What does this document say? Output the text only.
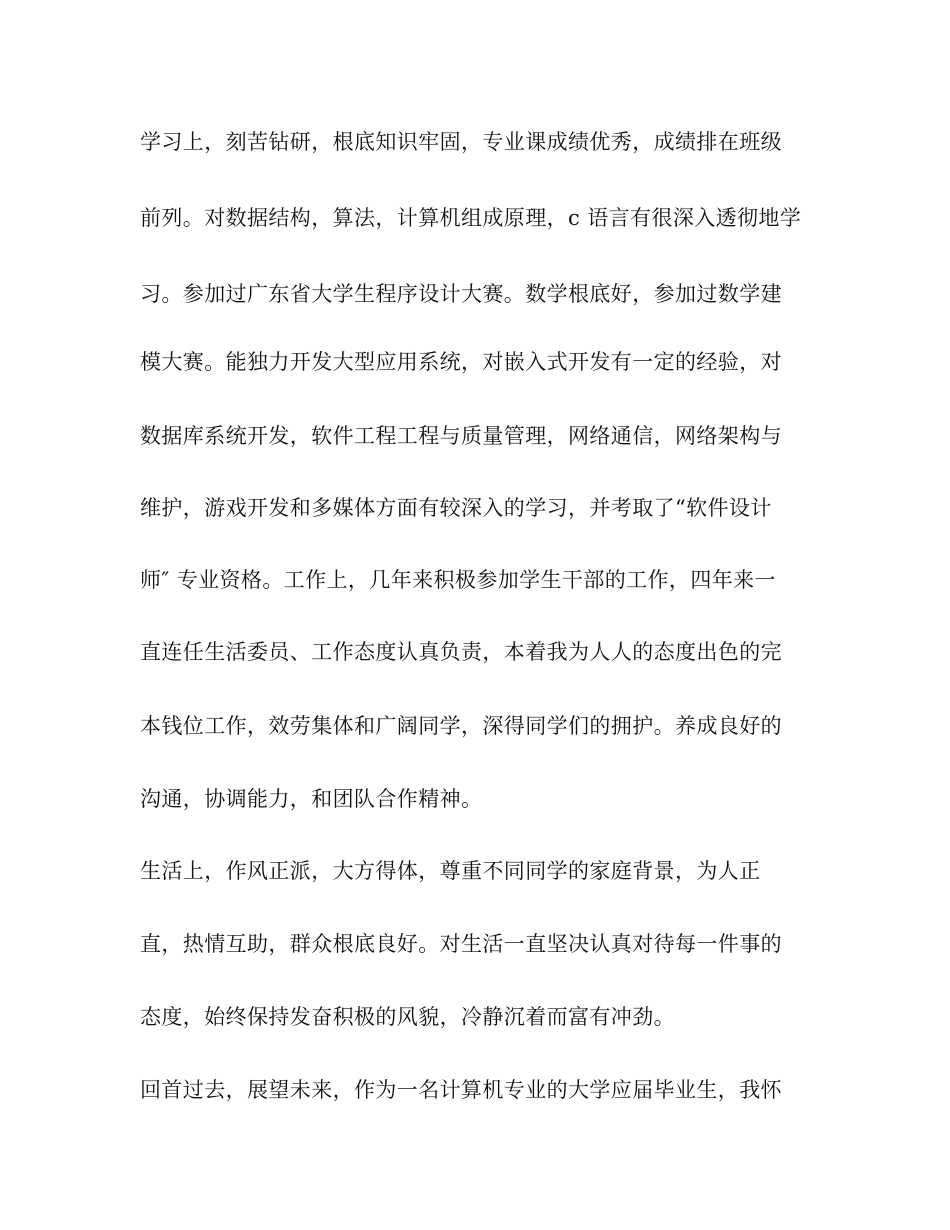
学习上，刻苦钻研，根底知识牢固，专业课成绩优秀，成绩排在班级
前列。对数据结构，算法，计算机组成原理，c 语言有很深入透彻地学
习。参加过广东省大学生程序设计大赛。数学根底好，参加过数学建
模大赛。能独力开发大型应用系统，对嵌入式开发有一定的经验，对
数据库系统开发，软件工程工程与质量管理，网络通信，网络架构与
维护，游戏开发和多媒体方面有较深入的学习，并考取了“软件设计
师″ 专业资格。工作上，几年来积极参加学生干部的工作，四年来一
直连任生活委员、工作态度认真负责，本着我为人人的态度出色的完
本钱位工作，效劳集体和广阔同学，深得同学们的拥护。养成良好的
沟通，协调能力，和团队合作精神。
生活上，作风正派，大方得体，尊重不同同学的家庭背景，为人正
直，热情互助，群众根底良好。对生活一直坚决认真对待每一件事的
态度，始终保持发奋积极的风貌，冷静沉着而富有冲劲。
回首过去，展望未来，作为一名计算机专业的大学应届毕业生，我怀
